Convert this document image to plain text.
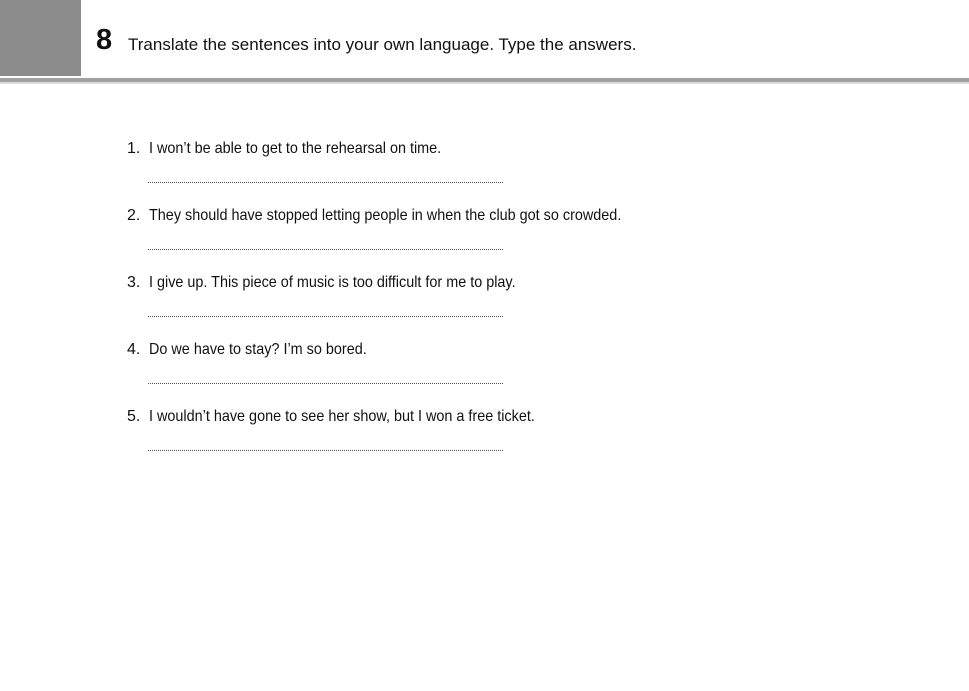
8 Translate the sentences into your own language. Type the answers.
1. I won’t be able to get to the rehearsal on time.
2. They should have stopped letting people in when the club got so crowded.
3. I give up. This piece of music is too difficult for me to play.
4. Do we have to stay? I’m so bored.
5. I wouldn’t have gone to see her show, but I won a free ticket.
